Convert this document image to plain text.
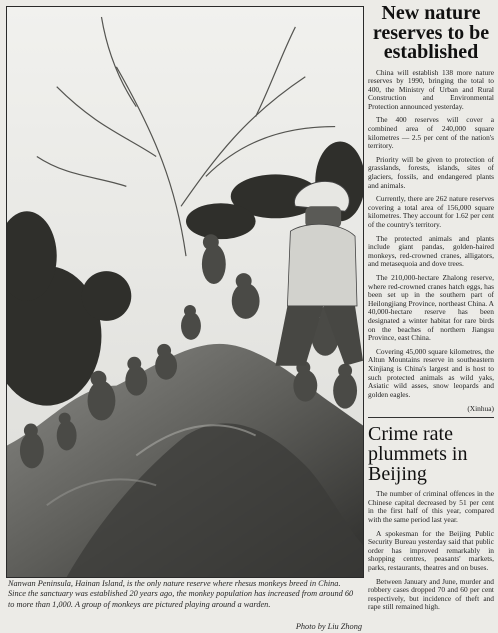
Nanwan Peninsula, Hainan Island, is the only nature reserve where rhesus monkeys breed in China. Since the sanctuary was established 20 years ago, the monkey population has increased from around 60 to more than 1,000. A group of monkeys are pictured playing around a warden.
Photo by Liu Zhong
New nature reserves to be established

China will establish 138 more nature reserves by 1990, bringing the total to 400, the Ministry of Urban and Rural Construction and Environmental Protection announced yesterday.

The 400 reserves will cover a combined area of 240,000 square kilometres — 2.5 per cent of the nation's territory.

Priority will be given to protection of grasslands, forests, islands, sites of glaciers, fossils, and endangered plants and animals.

Currently, there are 262 nature reserves covering a total area of 156,000 square kilometres. They account for 1.62 per cent of the country's territory.

The protected animals and plants include giant pandas, golden-haired monkeys, red-crowned cranes, alligators, and metasequoia and dove trees.

The 210,000-hectare Zhalong reserve, where red-crowned cranes hatch eggs, has been set up in the southern part of Heilongjiang Province, northeast China. A 40,000-hectare reserve has been designated a winter habitat for rare birds on the beaches of northern Jiangsu Province, east China.

Covering 45,000 square kilometres, the Altun Mountains reserve in southeastern Xinjiang is China's largest and is host to such protected animals as wild yaks, Asiatic wild asses, snow leopards and golden eagles.

(Xinhua)

Crime rate plummets in Beijing

The number of criminal offences in the Chinese capital decreased by 51 per cent in the first half of this year, compared with the same period last year.

A spokesman for the Beijing Public Security Bureau yesterday said that public order has improved remarkably in shopping centres, peasants' markets, parks, restaurants, theatres and on buses.

Between January and June, murder and robbery cases dropped 70 and 60 per cent respectively, but incidence of theft and rape still remained high.
